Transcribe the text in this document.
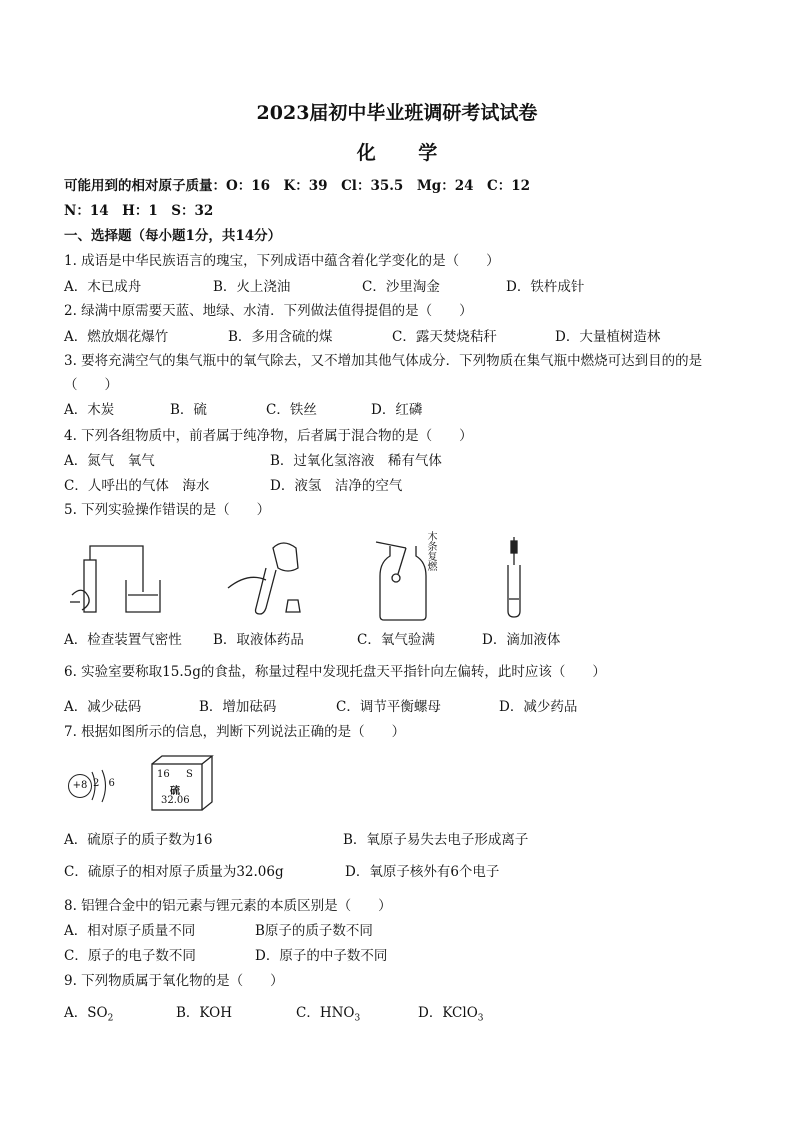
2023届初中毕业班调研考试试卷
化 学
可能用到的相对原子质量：O：16　K：39　Cl：35.5　Mg：24　C：12
N：14　H：1　S：32
一、选择题（每小题1分，共14分）
1. 成语是中华民族语言的瑰宝，下列成语中蕴含着化学变化的是（　　）
A．木已成舟	B．火上浇油	C．沙里淘金	D．铁杵成针
2. 绿满中原需要天蓝、地绿、水清．下列做法值得提倡的是（　　）
A．燃放烟花爆竹	B．多用含硫的煤	C．露天焚烧秸秆	D．大量植树造林
3. 要将充满空气的集气瓶中的氧气除去，又不增加其他气体成分．下列物质在集气瓶中燃烧可达到目的的是
（　　）
A．木炭	B．硫	C．铁丝	D．红磷
4. 下列各组物质中，前者属于纯净物，后者属于混合物的是（　　）
A．氮气　氧气	B．过氧化氢溶液　稀有气体
C．人呼出的气体　海水	D．液氢　洁净的空气
5. 下列实验操作错误的是（　　）
木条复燃
A．检查装置气密性 B．取液体药品	C．氧气验满	D．滴加液体
6. 实验室要称取15.5g的食盐，称量过程中发现托盘天平指针向左偏转，此时应该（　　）
A．减少砝码	B．增加砝码	C．调节平衡螺母	D．减少药品
7. 根据如图所示的信息，判断下列说法正确的是（　　）
+8 2 6
16 S
硫
32.06
A．硫原子的质子数为16	B．氧原子易失去电子形成离子
C．硫原子的相对原子质量为32.06g	D．氧原子核外有6个电子
8. 铝锂合金中的铝元素与锂元素的本质区别是（　　）
A．相对原子质量不同	B原子的质子数不同
C．原子的电子数不同	D．原子的中子数不同
9. 下列物质属于氧化物的是（　　）
A．$SO_2$	B．KOH	C．$HNO_3$	D．KClO$_3$
